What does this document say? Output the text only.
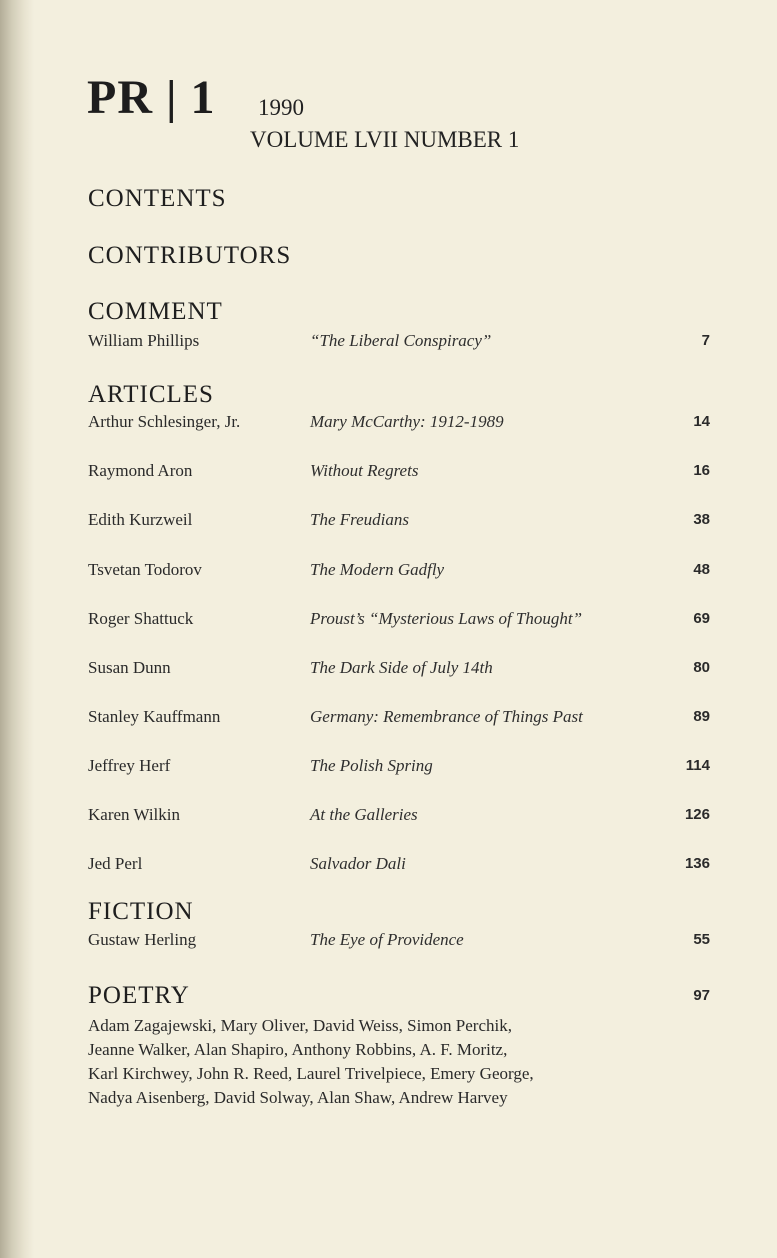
PR | 1 1990
VOLUME LVII NUMBER 1
CONTENTS
CONTRIBUTORS
COMMENT
William Phillips	“The Liberal Conspiracy”	7
ARTICLES
Arthur Schlesinger, Jr.	Mary McCarthy: 1912-1989	14
Raymond Aron	Without Regrets	16
Edith Kurzweil	The Freudians	38
Tsvetan Todorov	The Modern Gadfly	48
Roger Shattuck	Proust’s “Mysterious Laws of Thought”	69
Susan Dunn	The Dark Side of July 14th	80
Stanley Kauffmann	Germany: Remembrance of Things Past	89
Jeffrey Herf	The Polish Spring	114
Karen Wilkin	At the Galleries	126
Jed Perl	Salvador Dali	136
FICTION
Gustaw Herling	The Eye of Providence	55
POETRY	97
Adam Zagajewski, Mary Oliver, David Weiss, Simon Perchik,
Jeanne Walker, Alan Shapiro, Anthony Robbins, A. F. Moritz,
Karl Kirchwey, John R. Reed, Laurel Trivelpiece, Emery George,
Nadya Aisenberg, David Solway, Alan Shaw, Andrew Harvey
